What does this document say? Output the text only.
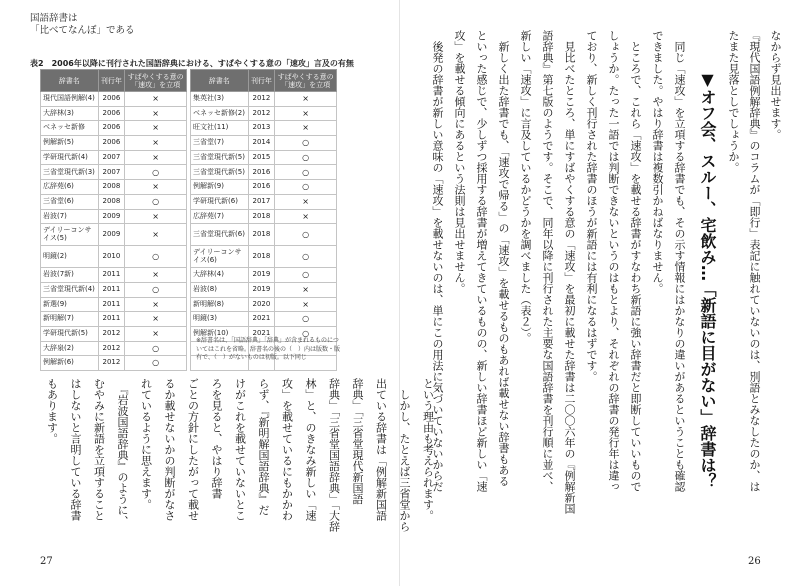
国語辞書は
「比べてなんぼ」である
表2　2006年以降に刊行された国語辞典における、すばやくする意の「速攻」言及の有無
辞書名	刊行年	すばやくする意の「速攻」を立項		辞書名	刊行年	すばやくする意の「速攻」を立項
現代国語例解(4)	2006	×		集英社(3)	2012	×
大辞林(3)	2006	×		ベネッセ新修(2)	2012	×
ベネッセ新修	2006	×		旺文社(11)	2013	×
例解新(5)	2006	×		三省堂(7)	2014	○
学研現代新(4)	2007	×		三省堂現代新(5)	2015	○
三省堂現代新(3)	2007	○		三省堂現代新(5)	2016	○
広辞苑(6)	2008	×		例解新(9)	2016	○
三省堂(6)	2008	○		学研現代新(6)	2017	×
岩波(7)	2009	×		広辞苑(7)	2018	×
デイリーコンサイス(5)	2009	×		三省堂現代新(6)	2018	○
明鏡(2)	2010	○		デイリーコンサイス(6)	2018	○
岩波(7新)	2011	×		大辞林(4)	2019	○
三省堂現代新(4)	2011	○		岩波(8)	2019	×
新選(9)	2011	×		新明解(8)	2020	×
新明解(7)	2011	×		明鏡(3)	2021	○
学研現代新(5)	2012	×		例解新(10)	2021	○
大辞泉(2)	2012	○				
例解新(6)	2012	○				
※辞書名は、「国語辞典」「辞典」が含まれるものについてはこれを省略。辞書名の後の（　）内は版数・版有で、（　）がないものは初版。以下同じ
という理由も考えられます。
　しかし、たとえば三省堂から
出ている辞書は「例解新国語
辞典」「三省堂現代新国語
辞典」「三省堂国語辞典」「大辞
林」と、のきなみ新しい「速
攻」を載せているにもかかわ
らず、『新明解国語辞典』だ
けがこれを載せていないとこ
ろを見ると、やはり辞書
ごとの方針にしたがって載せ
るか載せないかの判断がなさ
れているように思えます。
　『岩波国語辞典』のように、
むやみに新語を立項すること
はしないと言明している辞書
もあります。
なからず見出せます。
『現代国語例解辞典』のコラムが「即行」表記に触れていないのは、別語とみなしたのか、は
たまた見落としでしょうか。
▼オフ会、スルー、宅飲み…「新語に目がない」辞書は？
　同じ「速攻」を立項する辞書でも、その示す情報にはかなりの違いがあるということも確認
できました。やはり辞書は複数引かねばなりません。
　ところで、これら「速攻」を載せる辞書がすなわち新語に強い辞書だと即断していいもので
しょうか。たった一語では判断できないというのはもとより、それぞれの辞書の発行年は違っ
ており、新しく刊行された辞書のほうが新語には有利になるはずです。
　見比べたところ、単にすばやくする意の「速攻」を最初に載せた辞書は二〇〇六年の『例解新国
語辞典』第七版のようです。そこで、同年以降に刊行された主要な国語辞書を刊行順に並べ、
新しい「速攻」に言及しているかどうかを調べました（表２）。
　新しく出た辞書でも、「速攻で帰る」の「速攻」を載せるものもあれば載せない辞書もある
といった感じで、少しずつ採用する辞書が増えてきているものの、新しい辞書ほど新しい「速
攻」を載せる傾向にあるという法則は見出せません。
　後発の辞書が新しい意味の「速攻」を載せないのは、単にこの用法に気づいていないからだ
27	26
